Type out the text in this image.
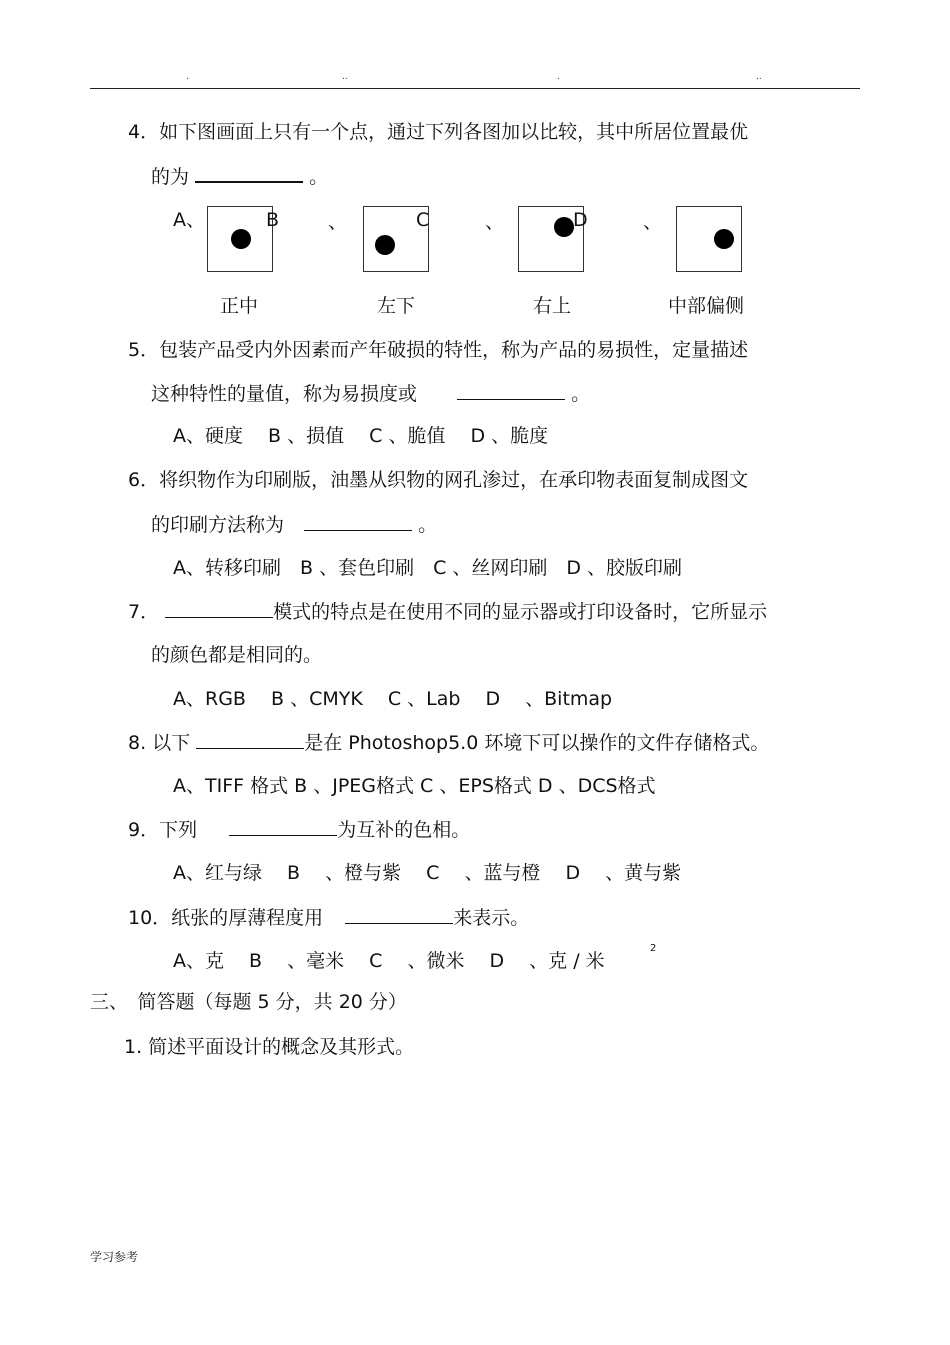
.	..	.	..
4．如下图画面上只有一个点，通过下列各图加以比较，其中所居位置最优
的为	。
A、	B	、	C	、	D	、
正中	左下	右上	中部偏侧
5．包装产品受内外因素而产年破损的特性，称为产品的易损性，定量描述
这种特性的量值，称为易损度或	。
A、硬度　 B 、损值　 C 、脆值　 D 、脆度
6．将织物作为印刷版，油墨从织物的网孔渗过，在承印物表面复制成图文
的印刷方法称为	。
A、转移印刷　B 、套色印刷　C 、丝网印刷　D 、胶版印刷
7．	模式的特点是在使用不同的显示器或打印设备时，它所显示
的颜色都是相同的。
A、RGB　 B 、CMYK　 C 、Lab　 D　 、Bitmap
8. 以下	是在 Photoshop5.0 环境下可以操作的文件存储格式。
A、TIFF 格式 B 、JPEG格式 C 、EPS格式 D 、DCS格式
9．下列	为互补的色相。
A、红与绿　 B　 、橙与紫　 C　 、蓝与橙　 D　 、黄与紫
10．纸张的厚薄程度用	来表示。
A、克　 B　 、毫米　 C　 、微米　 D　 、克 / 米
2
三、　简答题（每题 5 分，共 20 分）
1. 简述平面设计的概念及其形式。
学习参考
